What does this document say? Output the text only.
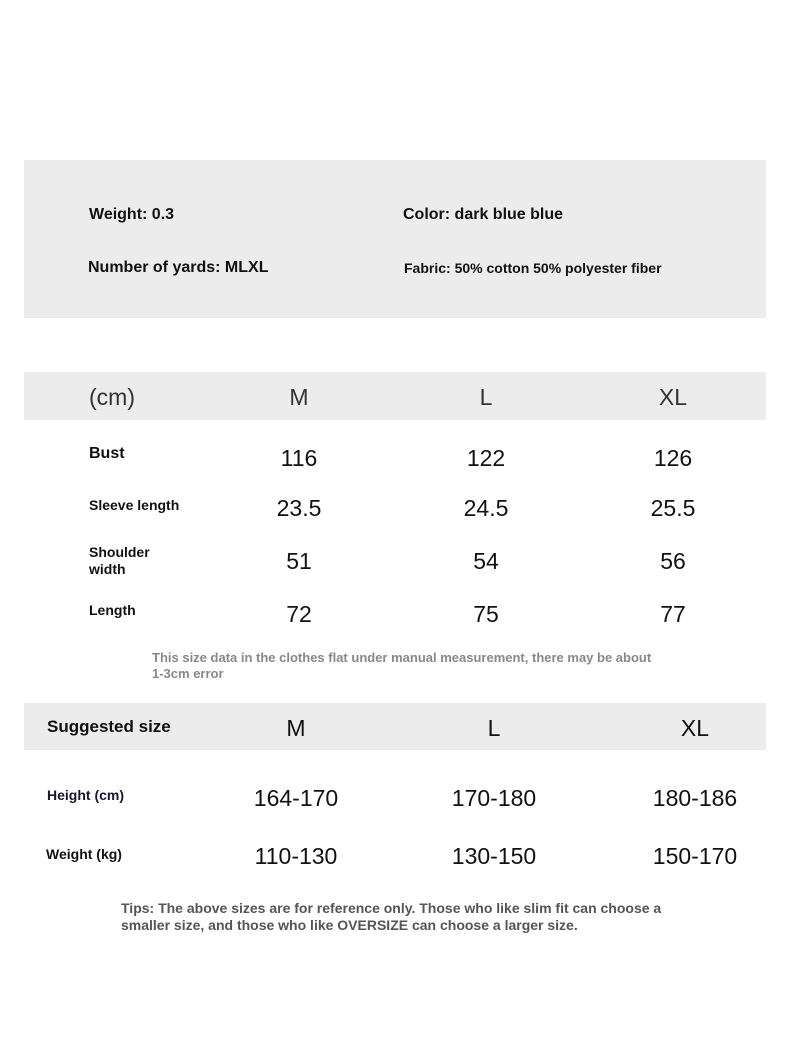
Weight: 0.3	Color: dark blue blue
Number of yards: MLXL	Fabric: 50% cotton 50% polyester fiber
(cm)	M	L	XL
Bust	116	122	126
Sleeve length	23.5	24.5	25.5
Shoulder
width	51	54	56
Length	72	75	77
This size data in the clothes flat under manual measurement, there may be about 1-3cm error
Suggested size	M	L	XL
Height (cm)	164-170	170-180	180-186
Weight (kg)	110-130	130-150	150-170
Tips: The above sizes are for reference only. Those who like slim fit can choose a smaller size, and those who like OVERSIZE can choose a larger size.
